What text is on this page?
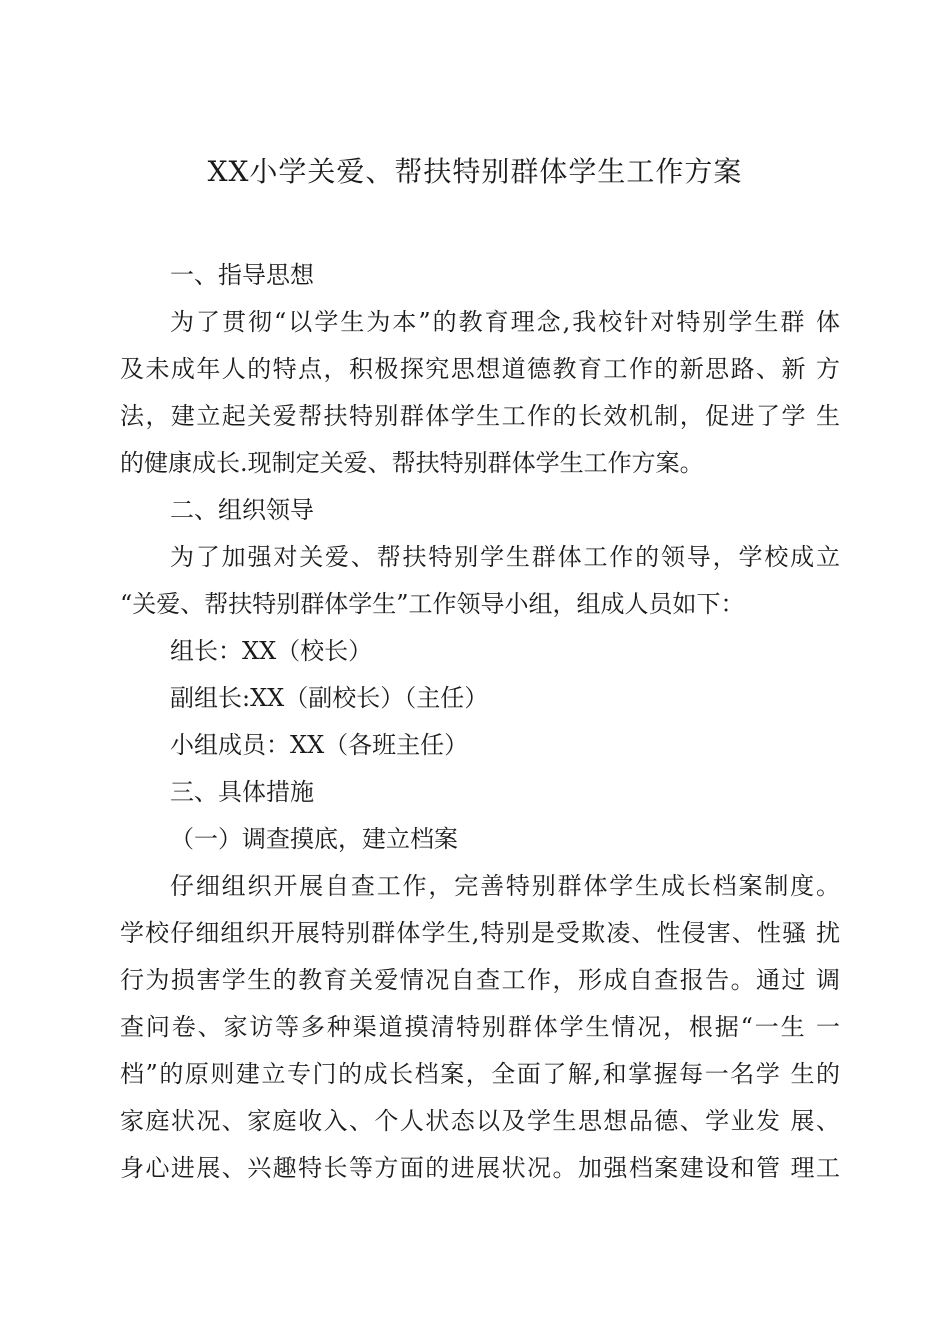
XX小学关爱、帮扶特别群体学生工作方案
一、指导思想
为了贯彻“以学生为本”的教育理念,我校针对特别学生群 体
及未成年人的特点，积极探究思想道德教育工作的新思路、新 方
法，建立起关爱帮扶特别群体学生工作的长效机制，促进了学 生
的健康成长.现制定关爱、帮扶特别群体学生工作方案。
二、组织领导
为了加强对关爱、帮扶特别学生群体工作的领导，学校成立
“关爱、帮扶特别群体学生”工作领导小组，组成人员如下：
组长：XX（校长）
副组长:XX（副校长）（主任）
小组成员：XX（各班主任）
三、具体措施
（一）调查摸底，建立档案
仔细组织开展自查工作，完善特别群体学生成长档案制度。
学校仔细组织开展特别群体学生,特别是受欺凌、性侵害、性骚 扰
行为损害学生的教育关爱情况自查工作，形成自查报告。通过 调
查问卷、家访等多种渠道摸清特别群体学生情况，根据“一生 一
档”的原则建立专门的成长档案，全面了解,和掌握每一名学 生的
家庭状况、家庭收入、个人状态以及学生思想品德、学业发 展、
身心进展、兴趣特长等方面的进展状况。加强档案建设和管 理工
